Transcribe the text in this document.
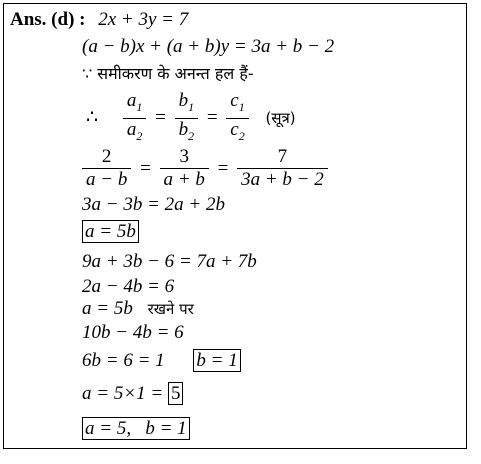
Ans. (d) : 2x + 3y = 7
(a − b)x + (a + b)y = 3a + b − 2
∵ समीकरण के अनन्त हल हैं-
∴ $\frac{a_1}{a_2} = \frac{b_1}{b_2} = \frac{c_1}{c_2}$ (सूत्र)
$\frac{2}{a - b} = \frac{3}{a + b} = \frac{7}{3a + b - 2}$
3a − 3b = 2a + 2b
a = 5b
9a + 3b − 6 = 7a + 7b
2a − 4b = 6
a = 5b रखने पर
10b − 4b = 6
6b = 6 = 1 b = 1
a = 5×1 = 5
a = 5,   b = 1
